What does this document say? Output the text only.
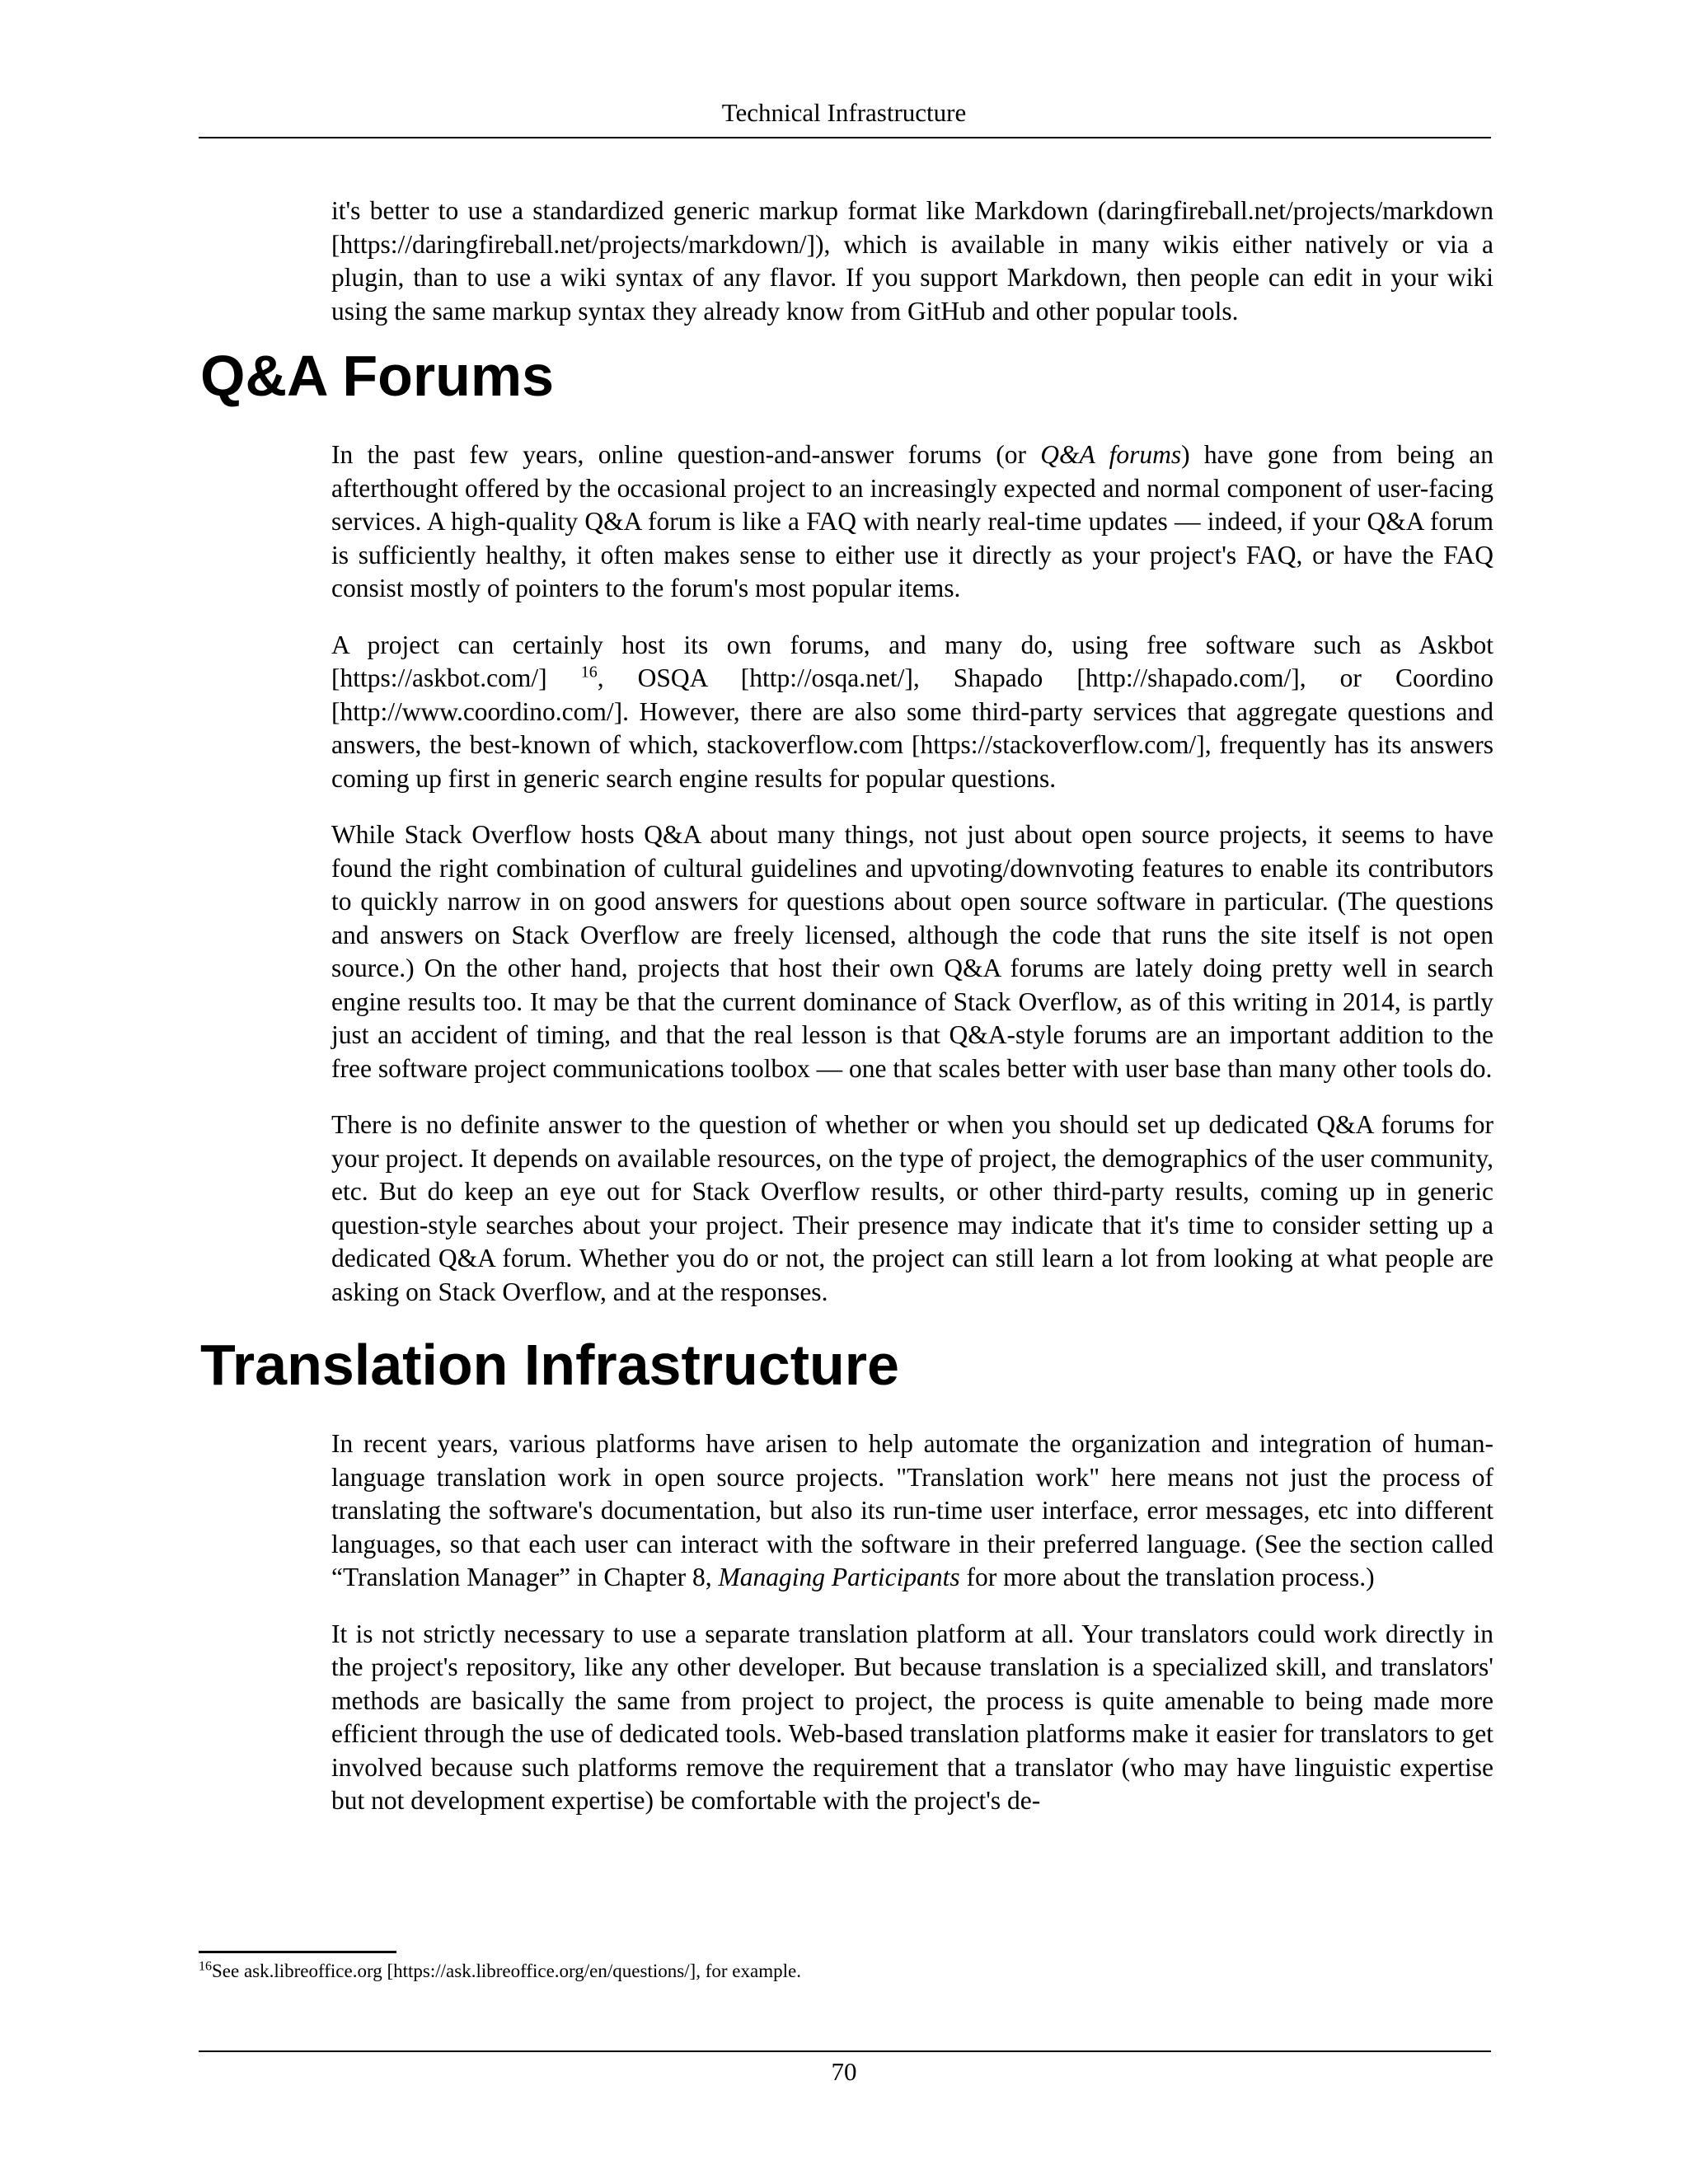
Technical Infrastructure

it's better to use a standardized generic markup format like Markdown (daringfireball.net/projects/markdown [https://daringfireball.net/projects/markdown/]), which is available in many wikis either natively or via a plugin, than to use a wiki syntax of any flavor. If you support Markdown, then people can edit in your wiki using the same markup syntax they already know from GitHub and other popular tools.

Q&A Forums

In the past few years, online question-and-answer forums (or Q&A forums) have gone from being an afterthought offered by the occasional project to an increasingly expected and normal component of user-facing services. A high-quality Q&A forum is like a FAQ with nearly real-time updates — indeed, if your Q&A forum is sufficiently healthy, it often makes sense to either use it directly as your project's FAQ, or have the FAQ consist mostly of pointers to the forum's most popular items.

A project can certainly host its own forums, and many do, using free software such as Askbot [https://askbot.com/] $^{16}$, OSQA [http://osqa.net/], Shapado [http://shapado.com/], or Coordino [http://www.coordino.com/]. However, there are also some third-party services that aggregate questions and answers, the best-known of which, stackoverflow.com [https://stackoverflow.com/], frequently has its answers coming up first in generic search engine results for popular questions.

While Stack Overflow hosts Q&A about many things, not just about open source projects, it seems to have found the right combination of cultural guidelines and upvoting/downvoting features to enable its contributors to quickly narrow in on good answers for questions about open source software in particular. (The questions and answers on Stack Overflow are freely licensed, although the code that runs the site itself is not open source.) On the other hand, projects that host their own Q&A forums are lately doing pretty well in search engine results too. It may be that the current dominance of Stack Overflow, as of this writing in 2014, is partly just an accident of timing, and that the real lesson is that Q&A-style forums are an important addition to the free software project communications toolbox — one that scales better with user base than many other tools do.

There is no definite answer to the question of whether or when you should set up dedicated Q&A forums for your project. It depends on available resources, on the type of project, the demographics of the user community, etc. But do keep an eye out for Stack Overflow results, or other third-party results, coming up in generic question-style searches about your project. Their presence may indicate that it's time to consider setting up a dedicated Q&A forum. Whether you do or not, the project can still learn a lot from looking at what people are asking on Stack Overflow, and at the responses.

Translation Infrastructure

In recent years, various platforms have arisen to help automate the organization and integration of human-language translation work in open source projects. "Translation work" here means not just the process of translating the software's documentation, but also its run-time user interface, error messages, etc into different languages, so that each user can interact with the software in their preferred language. (See the section called “Translation Manager” in Chapter 8, Managing Participants for more about the translation process.)

It is not strictly necessary to use a separate translation platform at all. Your translators could work directly in the project's repository, like any other developer. But because translation is a specialized skill, and translators' methods are basically the same from project to project, the process is quite amenable to being made more efficient through the use of dedicated tools. Web-based translation platforms make it easier for translators to get involved because such platforms remove the requirement that a translator (who may have linguistic expertise but not development expertise) be comfortable with the project's de-

$^{16}$See ask.libreoffice.org [https://ask.libreoffice.org/en/questions/], for example.
70
